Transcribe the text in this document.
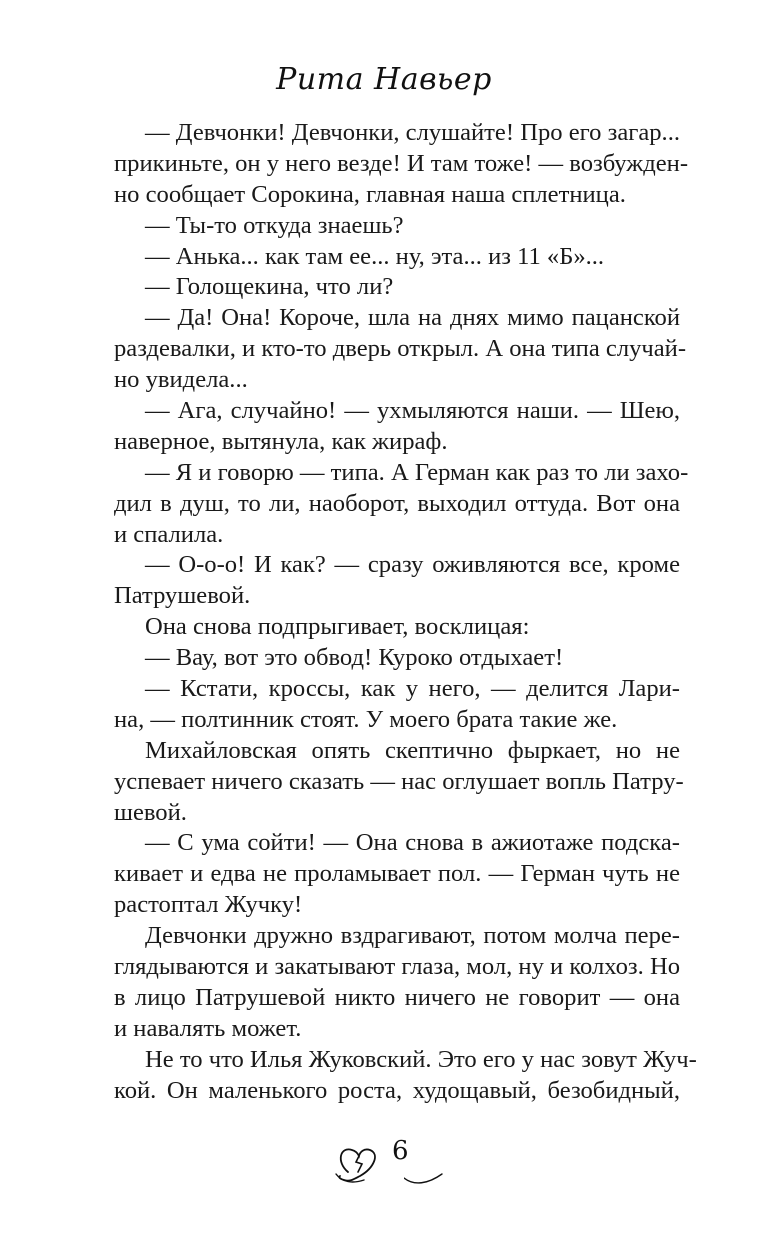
Рита Навьер
— Девчонки! Девчонки, слушайте! Про его загар...
прикиньте, он у него везде! И там тоже! — возбужден-
но сообщает Сорокина, главная наша сплетница.
— Ты-то откуда знаешь?
— Анька... как там ее... ну, эта... из 11 «Б»...
— Голощекина, что ли?
— Да! Она! Короче, шла на днях мимо пацанской
раздевалки, и кто-то дверь открыл. А она типа случай-
но увидела...
— Ага, случайно! — ухмыляются наши. — Шею,
наверное, вытянула, как жираф.
— Я и говорю — типа. А Герман как раз то ли захо-
дил в душ, то ли, наоборот, выходил оттуда. Вот она
и спалила.
— О-о-о! И как? — сразу оживляются все, кроме
Патрушевой.
Она снова подпрыгивает, восклицая:
— Вау, вот это обвод! Куроко отдыхает!
— Кстати, кроссы, как у него, — делится Лари-
на, — полтинник стоят. У моего брата такие же.
Михайловская опять скептично фыркает, но не
успевает ничего сказать — нас оглушает вопль Патру-
шевой.
— С ума сойти! — Она снова в ажиотаже подска-
кивает и едва не проламывает пол. — Герман чуть не
растоптал Жучку!
Девчонки дружно вздрагивают, потом молча пере-
глядываются и закатывают глаза, мол, ну и колхоз. Но
в лицо Патрушевой никто ничего не говорит — она
и навалять может.
Не то что Илья Жуковский. Это его у нас зовут Жуч-
кой. Он маленького роста, худощавый, безобидный,
6
